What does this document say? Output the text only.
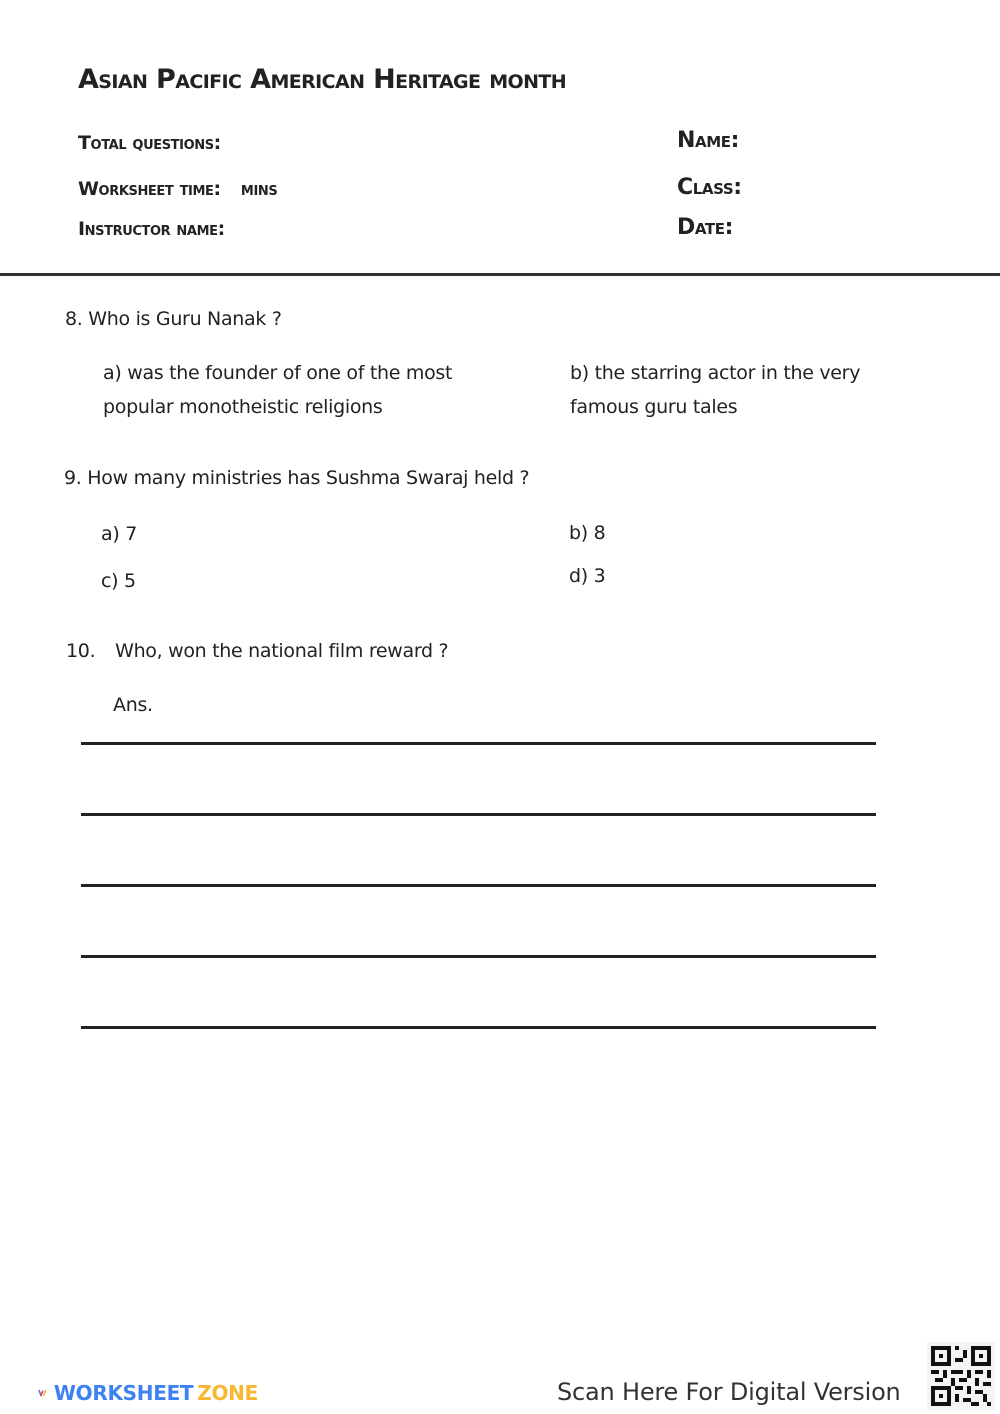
Asian Pacific American Heritage month
Total questions:
Worksheet time: mins
Instructor name:
Name:
Class:
Date:
8. Who is Guru Nanak ?
a) was the founder of one of the most popular monotheistic religions
b) the starring actor in the very famous guru tales
9. How many ministries has Sushma Swaraj held ?
a) 7	b) 8
c) 5	d) 3
10. Who, won the national film reward ?
Ans.
WORKSHEET ZONE	Scan Here For Digital Version
